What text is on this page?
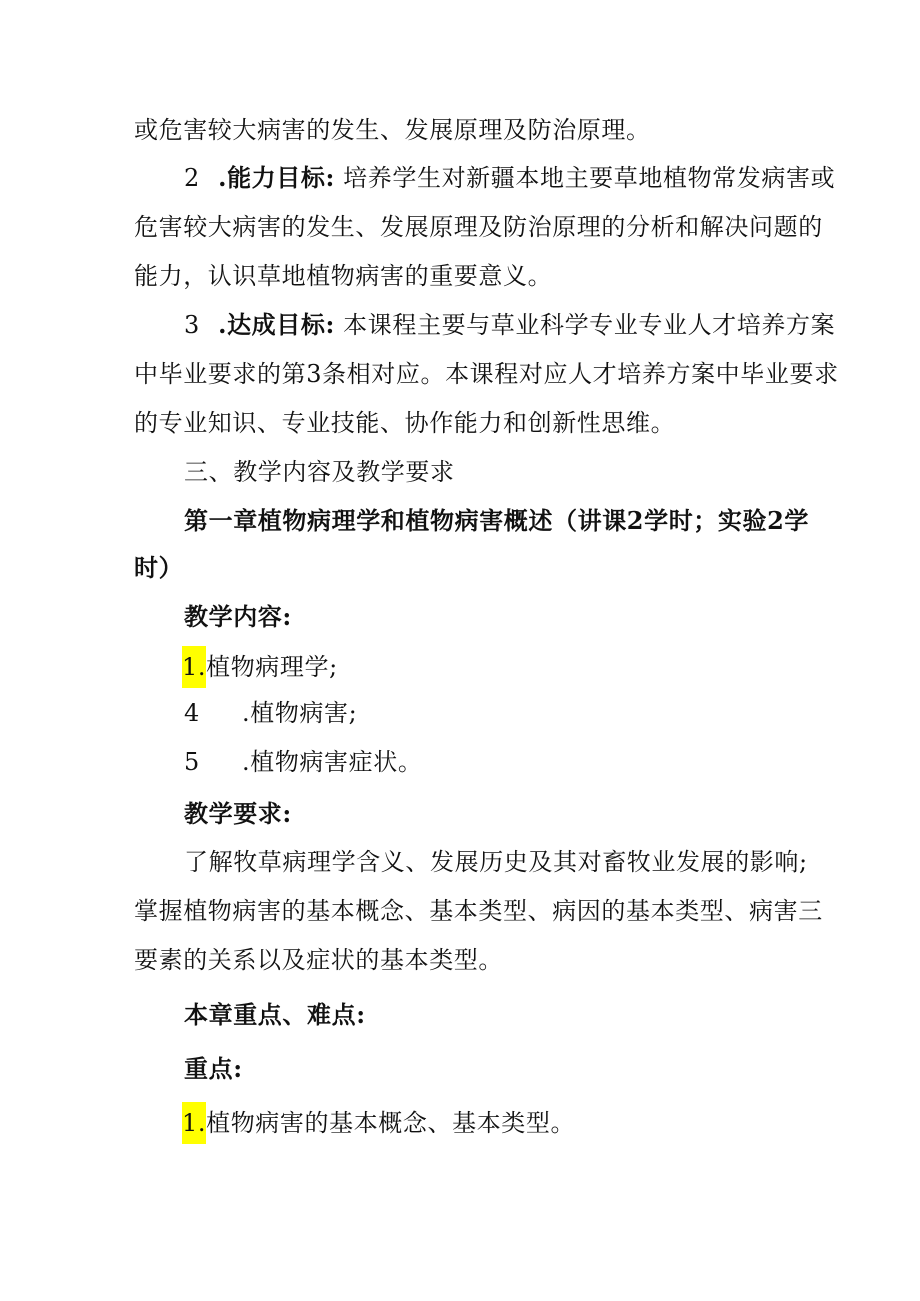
或危害较大病害的发生、发展原理及防治原理。
2 .能力目标: 培养学生对新疆本地主要草地植物常发病害或
危害较大病害的发生、发展原理及防治原理的分析和解决问题的
能力，认识草地植物病害的重要意义。
3 .达成目标: 本课程主要与草业科学专业专业人才培养方案
中毕业要求的第3条相对应。本课程对应人才培养方案中毕业要求
的专业知识、专业技能、协作能力和创新性思维。
三、教学内容及教学要求
第一章植物病理学和植物病害概述（讲课2学时；实验2学
时）
教学内容:
1.植物病理学;
4 .植物病害;
5 .植物病害症状。
教学要求:
了解牧草病理学含义、发展历史及其对畜牧业发展的影响;
掌握植物病害的基本概念、基本类型、病因的基本类型、病害三
要素的关系以及症状的基本类型。
本章重点、难点:
重点:
1.植物病害的基本概念、基本类型。
